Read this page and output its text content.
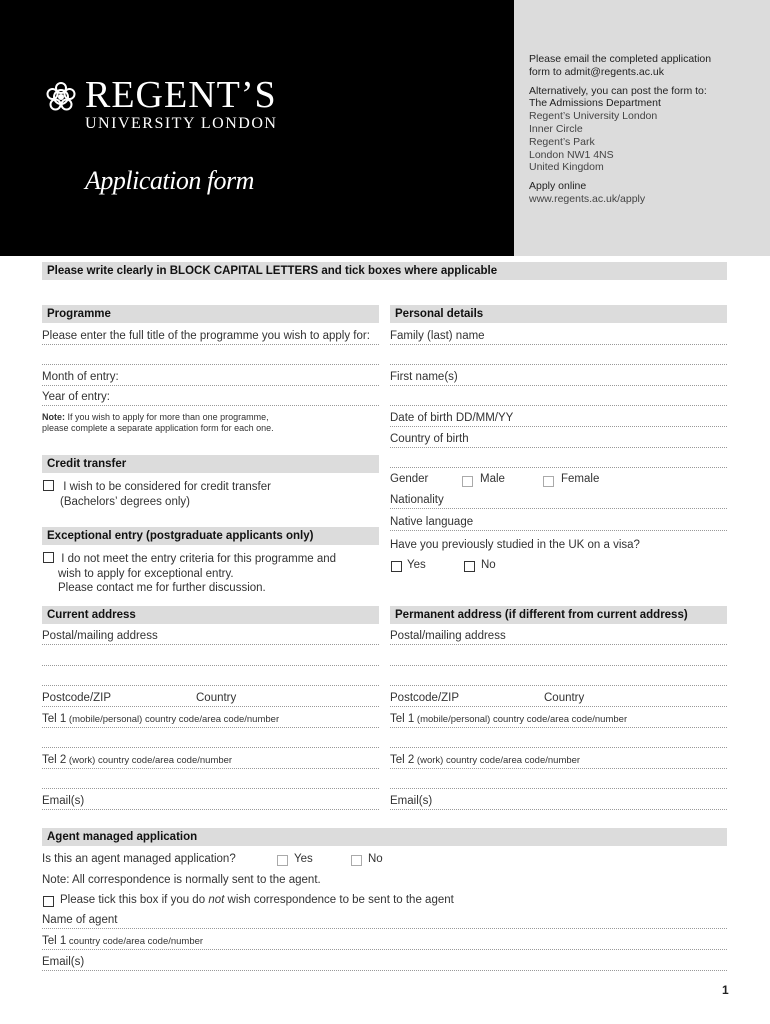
REGENT’S
UNIVERSITY LONDON
Application form
Please email the completed application
form to admit@regents.ac.uk
Alternatively, you can post the form to:
The Admissions Department
Regent’s University London
Inner Circle
Regent’s Park
London NW1 4NS
United Kingdom
Apply online
www.regents.ac.uk/apply
Please write clearly in BLOCK CAPITAL LETTERS and tick boxes where applicable
Programme
Please enter the full title of the programme you wish to apply for:
Month of entry:
Year of entry:
Note: If you wish to apply for more than one programme,
please complete a separate application form for each one.
Credit transfer
I wish to be considered for credit transfer
(Bachelors’ degrees only)
Exceptional entry (postgraduate applicants only)
I do not meet the entry criteria for this programme and
wish to apply for exceptional entry.
Please contact me for further discussion.
Personal details
Family (last) name
First name(s)
Date of birth DD/MM/YY
Country of birth
Gender	Male	Female
Nationality
Native language
Have you previously studied in the UK on a visa?
Yes	No
Current address
Postal/mailing address
Postcode/ZIP	Country
Tel 1 (mobile/personal) country code/area code/number
Tel 2 (work) country code/area code/number
Email(s)
Permanent address (if different from current address)
Postal/mailing address
Postcode/ZIP	Country
Tel 1 (mobile/personal) country code/area code/number
Tel 2 (work) country code/area code/number
Email(s)
Agent managed application
Is this an agent managed application?	Yes	No
Note: All correspondence is normally sent to the agent.
Please tick this box if you do not wish correspondence to be sent to the agent
Name of agent
Tel 1 country code/area code/number
Email(s)
1
